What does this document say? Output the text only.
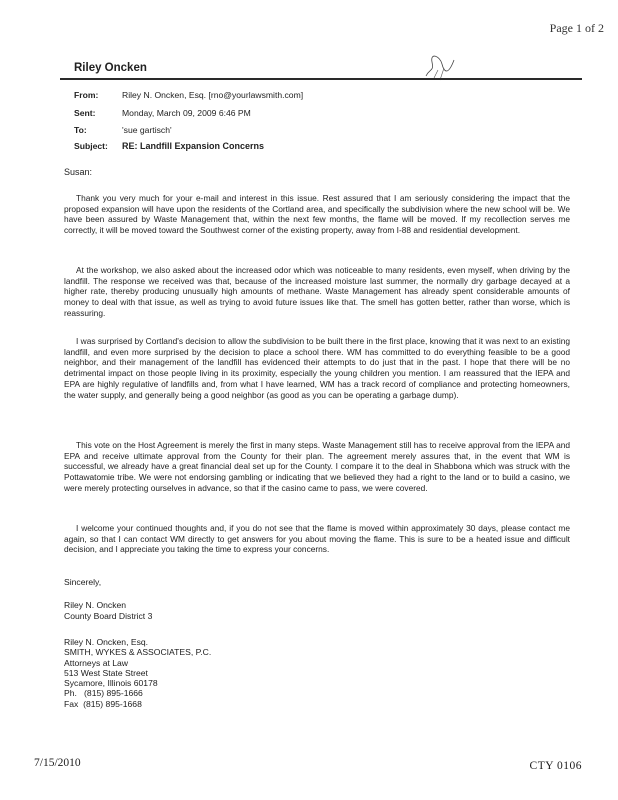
Page 1 of 2
Riley Oncken
From:	Riley N. Oncken, Esq. [rno@yourlawsmith.com]
Sent:	Monday, March 09, 2009 6:46 PM
To:	'sue gartisch'
Subject: RE: Landfill Expansion Concerns
Susan:

Thank you very much for your e-mail and interest in this issue. Rest assured that I am seriously considering the impact that the proposed expansion will have upon the residents of the Cortland area, and specifically the subdivision where the new school will be. We have been assured by Waste Management that, within the next few months, the flame will be moved. If my recollection serves me correctly, it will be moved toward the Southwest corner of the existing property, away from I-88 and residential development.

At the workshop, we also asked about the increased odor which was noticeable to many residents, even myself, when driving by the landfill. The response we received was that, because of the increased moisture last summer, the normally dry garbage decayed at a higher rate, thereby producing unusually high amounts of methane. Waste Management has already spent considerable amounts of money to deal with that issue, as well as trying to avoid future issues like that. The smell has gotten better, rather than worse, which is reassuring.

I was surprised by Cortland's decision to allow the subdivision to be built there in the first place, knowing that it was next to an existing landfill, and even more surprised by the decision to place a school there. WM has committed to do everything feasible to be a good neighbor, and their management of the landfill has evidenced their attempts to do just that in the past. I hope that there will be no detrimental impact on those people living in its proximity, especially the young children you mention. I am reassured that the IEPA and EPA are highly regulative of landfills and, from what I have learned, WM has a track record of compliance and protecting homeowners, the water supply, and generally being a good neighbor (as good as you can be operating a garbage dump).

This vote on the Host Agreement is merely the first in many steps. Waste Management still has to receive approval from the IEPA and EPA and receive ultimate approval from the County for their plan. The agreement merely assures that, in the event that WM is successful, we already have a great financial deal set up for the County. I compare it to the deal in Shabbona which was struck with the Pottawatomie tribe. We were not endorsing gambling or indicating that we believed they had a right to the land or to build a casino, we were merely protecting ourselves in advance, so that if the casino came to pass, we were covered.

I welcome your continued thoughts and, if you do not see that the flame is moved within approximately 30 days, please contact me again, so that I can contact WM directly to get answers for you about moving the flame. This is sure to be a heated issue and difficult decision, and I appreciate you taking the time to express your concerns.

Sincerely,
Riley N. Oncken
County Board District 3
Riley N. Oncken, Esq.
SMITH, WYKES & ASSOCIATES, P.C.
Attorneys at Law
513 West State Street
Sycamore, Illinois 60178
Ph.   (815) 895-1666
Fax  (815) 895-1668
7/15/2010	CTY 0106
